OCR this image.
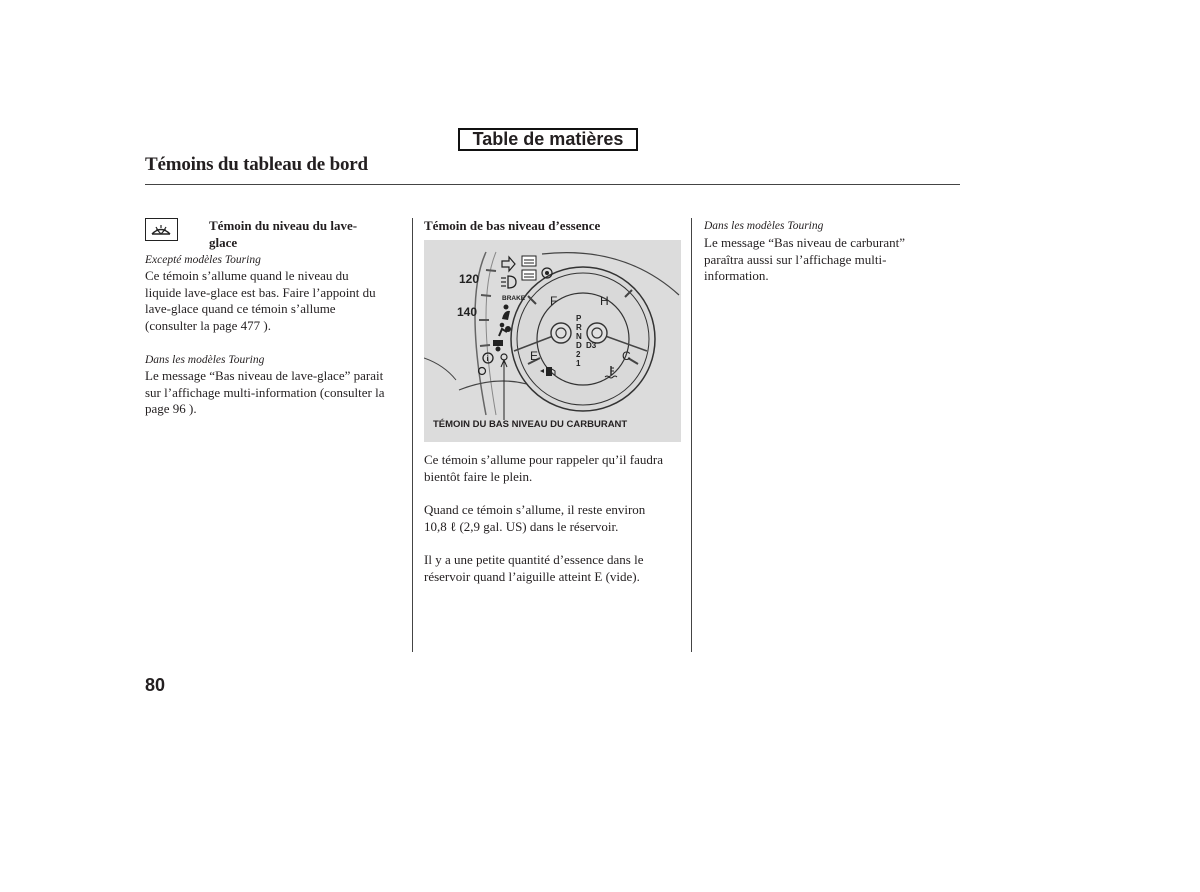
Table de matières
Témoins du tableau de bord
Témoin du niveau du lave-
glace
Excepté modèles Touring
Ce témoin s’allume quand le niveau du
liquide lave-glace est bas. Faire l’appoint du
lave-glace quand ce témoin s’allume
(consulter la page 477 ).
Dans les modèles Touring
Le message “Bas niveau de lave-glace” parait
sur l’affichage multi-information (consulter la
page 96 ).
Témoin de bas niveau d’essence
120
140
F	H
E	C
P
R
N
D D3
2
1
BRAKE
i
TÉMOIN DU BAS NIVEAU DU CARBURANT
Ce témoin s’allume pour rappeler qu’il faudra
bientôt faire le plein.
Quand ce témoin s’allume, il reste environ
10,8 ℓ (2,9 gal. US) dans le réservoir.
Il y a une petite quantité d’essence dans le
réservoir quand l’aiguille atteint E (vide).
Dans les modèles Touring
Le message “Bas niveau de carburant”
paraîtra aussi sur l’affichage multi-
information.
80
